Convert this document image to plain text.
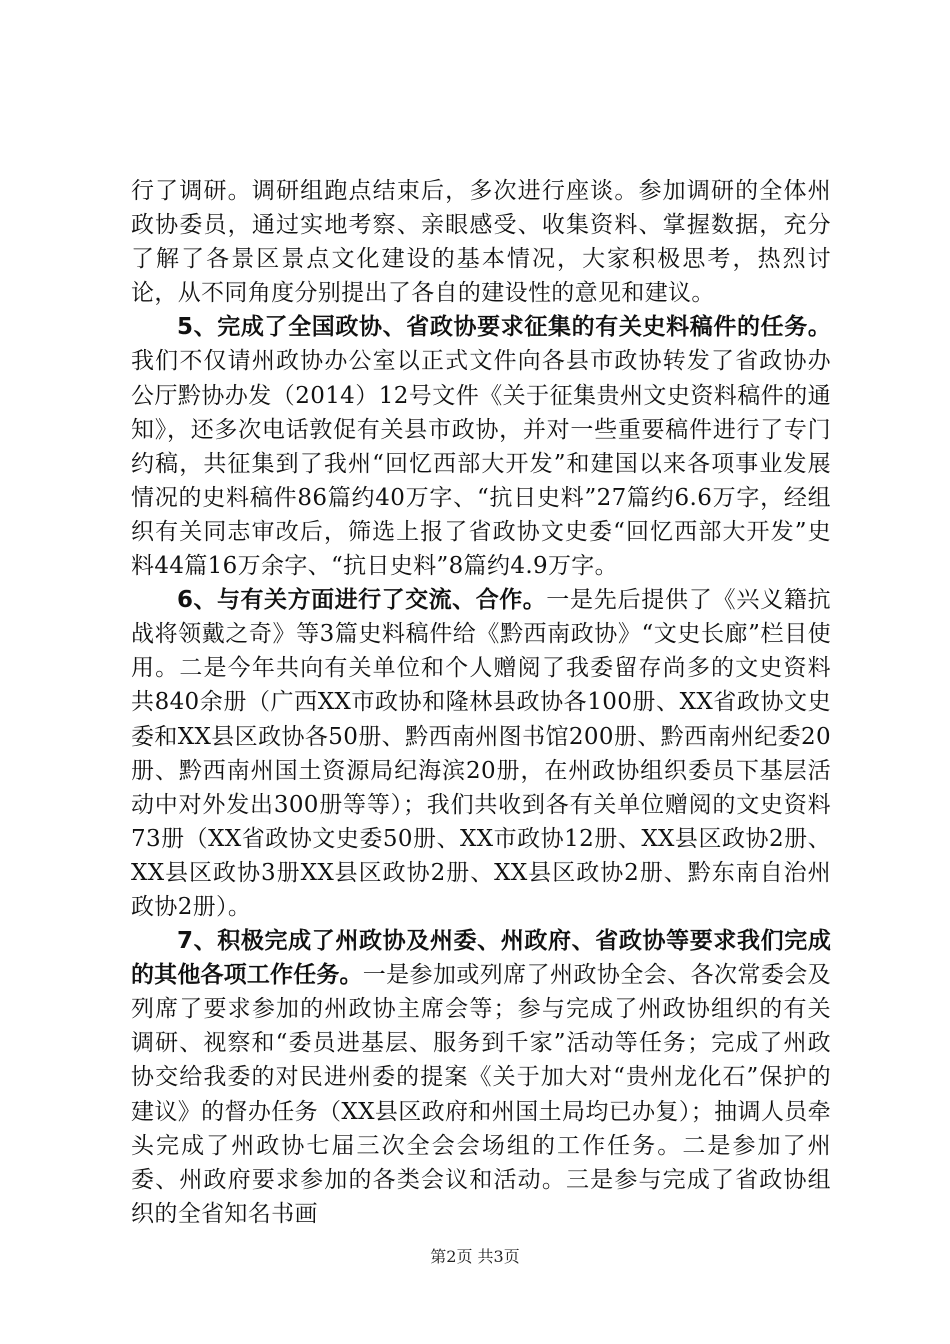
行了调研。调研组跑点结束后，多次进行座谈。参加调研的全体州政协委员，通过实地考察、亲眼感受、收集资料、掌握数据，充分了解了各景区景点文化建设的基本情况，大家积极思考，热烈讨论，从不同角度分别提出了各自的建设性的意见和建议。

5、完成了全国政协、省政协要求征集的有关史料稿件的任务。我们不仅请州政协办公室以正式文件向各县市政协转发了省政协办公厅黔协办发（2014）12号文件《关于征集贵州文史资料稿件的通知》，还多次电话敦促有关县市政协，并对一些重要稿件进行了专门约稿，共征集到了我州“回忆西部大开发”和建国以来各项事业发展情况的史料稿件86篇约40万字、“抗日史料”27篇约6.6万字，经组织有关同志审改后，筛选上报了省政协文史委“回忆西部大开发”史料44篇16万余字、“抗日史料”8篇约4.9万字。

6、与有关方面进行了交流、合作。一是先后提供了《兴义籍抗战将领戴之奇》等3篇史料稿件给《黔西南政协》“文史长廊”栏目使用。二是今年共向有关单位和个人赠阅了我委留存尚多的文史资料共840余册（广西XX市政协和隆林县政协各100册、XX省政协文史委和XX县区政协各50册、黔西南州图书馆200册、黔西南州纪委20册、黔西南州国土资源局纪海滨20册，在州政协组织委员下基层活动中对外发出300册等等）；我们共收到各有关单位赠阅的文史资料73册（XX省政协文史委50册、XX市政协12册、XX县区政协2册、XX县区政协3册XX县区政协2册、XX县区政协2册、黔东南自治州政协2册）。

7、积极完成了州政协及州委、州政府、省政协等要求我们完成的其他各项工作任务。一是参加或列席了州政协全会、各次常委会及列席了要求参加的州政协主席会等；参与完成了州政协组织的有关调研、视察和“委员进基层、服务到千家”活动等任务；完成了州政协交给我委的对民进州委的提案《关于加大对“贵州龙化石”保护的建议》的督办任务（XX县区政府和州国土局均已办复）；抽调人员牵头完成了州政协七届三次全会会场组的工作任务。二是参加了州委、州政府要求参加的各类会议和活动。三是参与完成了省政协组织的全省知名书画

第2页 共3页
